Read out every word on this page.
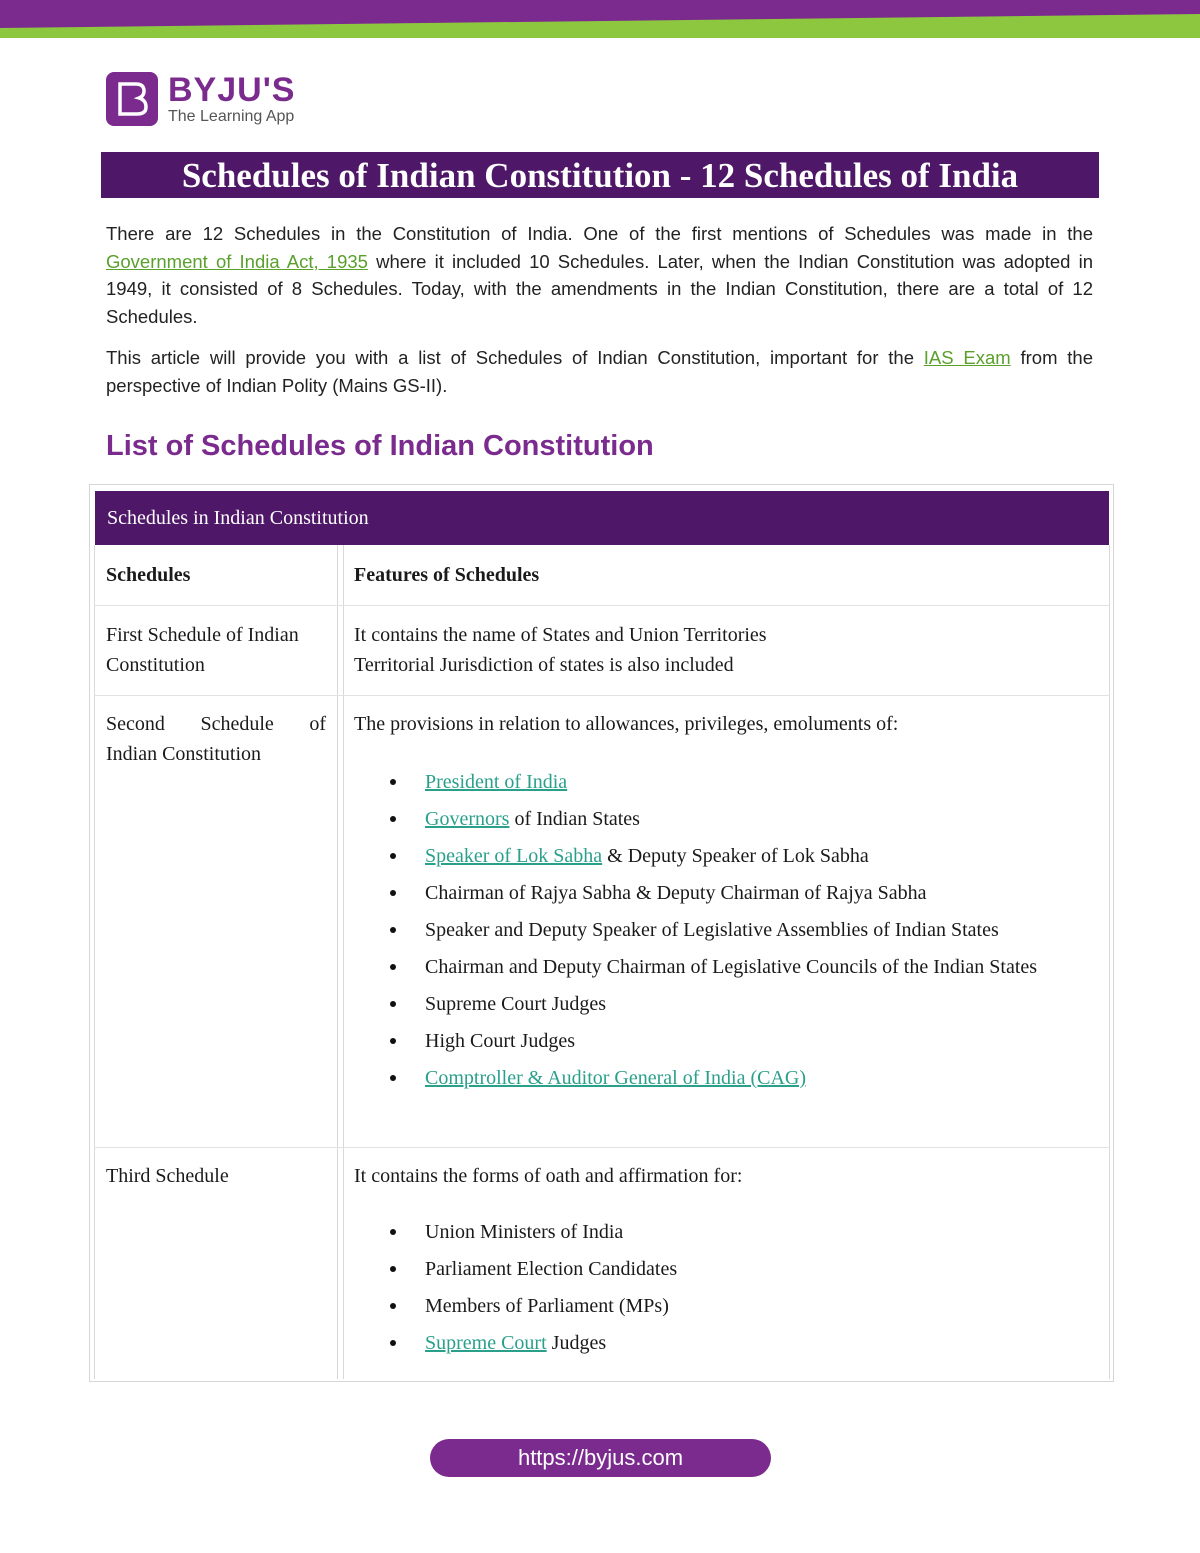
BYJU'S
The Learning App
Schedules of Indian Constitution - 12 Schedules of India
There are 12 Schedules in the Constitution of India. One of the first mentions of Schedules was made in the Government of India Act, 1935 where it included 10 Schedules. Later, when the Indian Constitution was adopted in 1949, it consisted of 8 Schedules. Today, with the amendments in the Indian Constitution, there are a total of 12 Schedules.
This article will provide you with a list of Schedules of Indian Constitution, important for the IAS Exam from the perspective of Indian Polity (Mains GS-II).
List of Schedules of Indian Constitution
Schedules in Indian Constitution
Schedules	Features of Schedules
First Schedule of Indian Constitution
It contains the name of States and Union Territories
Territorial Jurisdiction of states is also included
Second Schedule of
Indian Constitution
The provisions in relation to allowances, privileges, emoluments of:
President of India
Governors of Indian States
Speaker of Lok Sabha & Deputy Speaker of Lok Sabha
Chairman of Rajya Sabha & Deputy Chairman of Rajya Sabha
Speaker and Deputy Speaker of Legislative Assemblies of Indian States
Chairman and Deputy Chairman of Legislative Councils of the Indian States
Supreme Court Judges
High Court Judges
Comptroller & Auditor General of India (CAG)
Third Schedule	It contains the forms of oath and affirmation for:
Union Ministers of India
Parliament Election Candidates
Members of Parliament (MPs)
Supreme Court Judges
https://byjus.com
